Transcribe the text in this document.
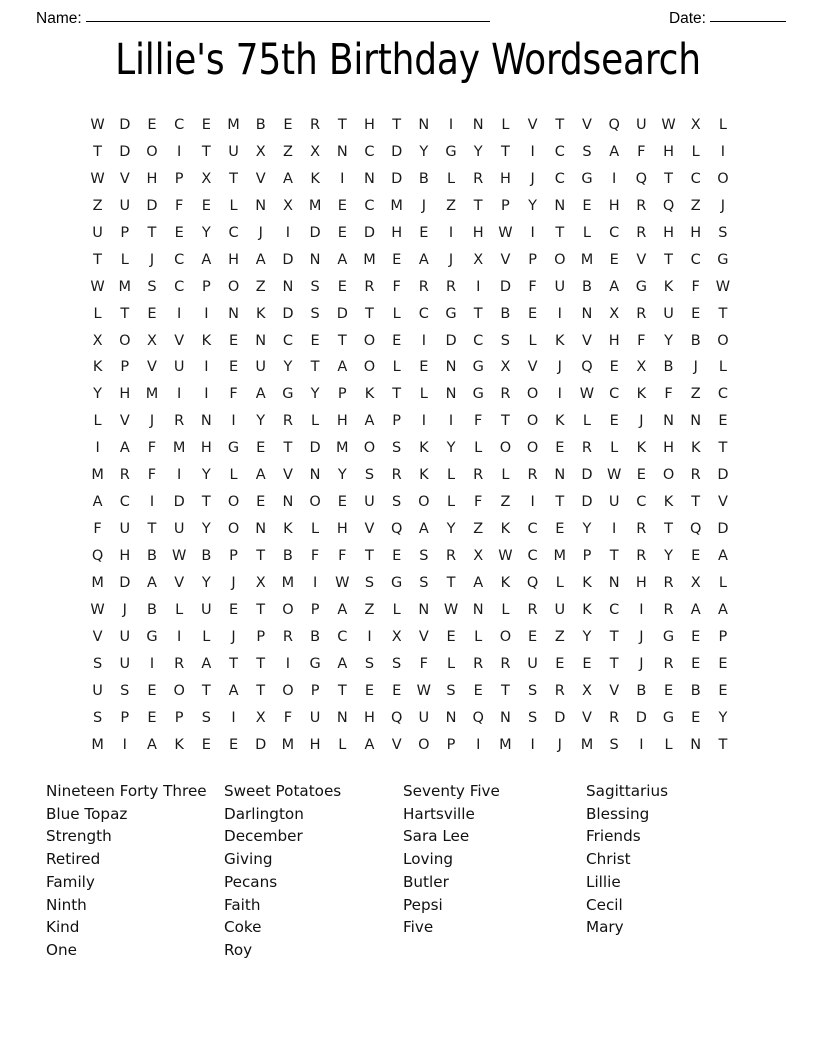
Name:	Date:
Lillie's 75th Birthday Wordsearch
W D	E	C	E	M	B	E	R	T	H	T	N	I	N	L	V	T	V	Q	U	W	X	L
T	D	O	I	T	U	X	Z	X	N	C	D	Y	G	Y	T	I	C	S	A	F	H	L	I
W	V	H	P	X	T	V	A	K	I	N	D	B	L	R	H	J	C	G	I	Q	T	C	O
Z	U	D	F	E	L	N	X	M	E	C	M	J	Z	T	P	Y	N	E	H	R	Q	Z	J
U	P	T	E	Y	C	J	I	D	E	D	H	E	I	H	W	I	T	L	C	R	H	H	S
T	L	J	C	A	H	A	D	N	A	M	E	A	J	X	V	P	O	M	E	V	T	C	G
W M	S	C	P	O	Z	N	S	E	R	F	R	R	I	D	F	U	B	A	G	K	F	W
L	T	E	I	I	N	K	D	S	D	T	L	C	G	T	B	E	I	N	X	R	U	E	T
X	O	X	V	K	E	N	C	E	T	O	E	I	D	C	S	L	K	V	H	F	Y	B	O
K	P	V	U	I	E	U	Y	T	A	O	L	E	N	G	X	V	J	Q	E	X	B	J	L
Y	H	M	I	I	F	A	G	Y	P	K	T	L	N	G	R	O	I	W	C	K	F	Z	C
L	V	J	R	N	I	Y	R	L	H	A	P	I	I	F	T	O	K	L	E	J	N	N	E
I	A	F	M	H	G	E	T	D	M	O	S	K	Y	L	O	O	E	R	L	K	H	K	T
M	R	F	I	Y	L	A	V	N	Y	S	R	K	L	R	L	R	N	D W	E	O	R	D
A	C	I	D	T	O	E	N	O	E	U	S	O	L	F	Z	I	T	D	U	C	K	T	V
F	U	T	U	Y	O	N	K	L	H	V	Q	A	Y	Z	K	C	E	Y	I	R	T	Q	D
Q	H	B	W	B	P	T	B	F	F	T	E	S	R	X	W	C	M	P	T	R	Y	E	A
M	D	A	V	Y	J	X	M	I	W	S	G	S	T	A	K	Q	L	K	N	H	R	X	L
W	J	B	L	U	E	T	O	P	A	Z	L	N	W	N	L	R	U	K	C	I	R	A	A
V	U	G	I	L	J	P	R	B	C	I	X	V	E	L	O	E	Z	Y	T	J	G	E	P
S	U	I	R	A	T	T	I	G	A	S	S	F	L	R	R	U	E	E	T	J	R	E	E
U	S	E	O	T	A	T	O	P	T	E	E	W	S	E	T	S	R	X	V	B	E	B	E
S	P	E	P	S	I	X	F	U	N	H	Q	U	N	Q	N	S	D	V	R	D	G	E	Y
M	I	A	K	E	E	D	M	H	L	A	V	O	P	I	M	I	J	M	S	I	L	N	T
Nineteen Forty Three
Blue Topaz
Strength
Retired
Family
Ninth
Kind
One
Sweet Potatoes
Darlington
December
Giving
Pecans
Faith
Coke
Roy
Seventy Five
Hartsville
Sara Lee
Loving
Butler
Pepsi
Five
Sagittarius
Blessing
Friends
Christ
Lillie
Cecil
Mary
